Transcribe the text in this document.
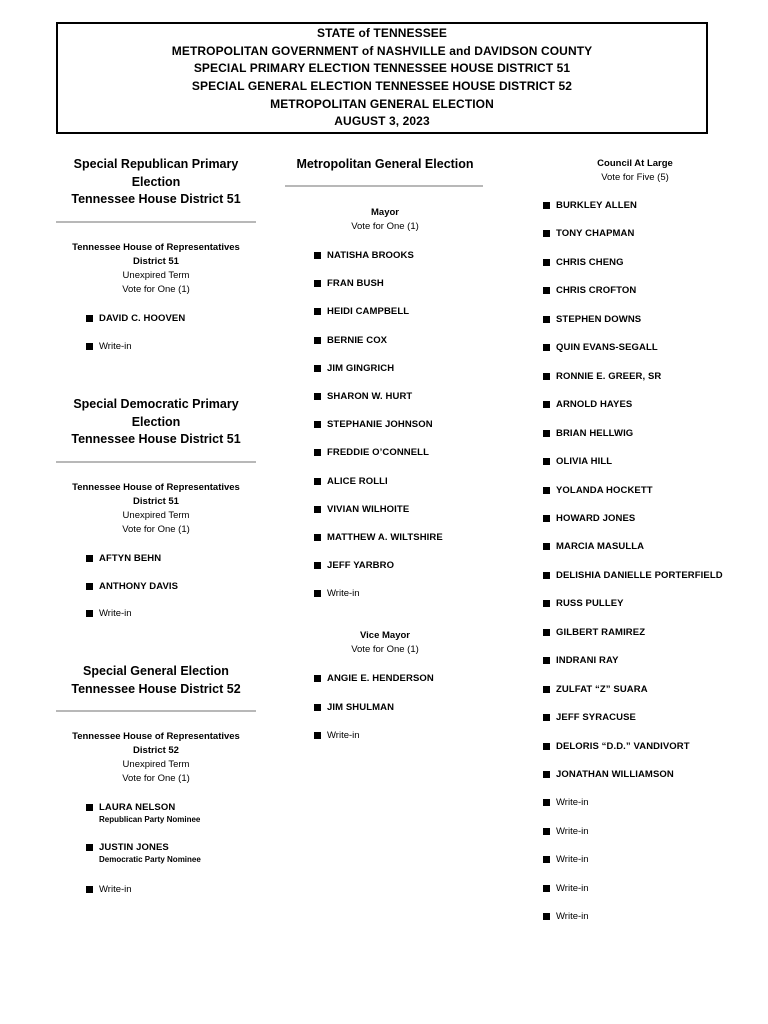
STATE of TENNESSEE
METROPOLITAN GOVERNMENT of NASHVILLE and DAVIDSON COUNTY
SPECIAL PRIMARY ELECTION TENNESSEE HOUSE DISTRICT 51
SPECIAL GENERAL ELECTION TENNESSEE HOUSE DISTRICT 52
METROPOLITAN GENERAL ELECTION
AUGUST 3, 2023
Special Republican Primary
Election
Tennessee House District 51
Tennessee House of Representatives
District 51
Unexpired Term
Vote for One (1)
DAVID C. HOOVEN
Write-in
Special Democratic Primary
Election
Tennessee House District 51
Tennessee House of Representatives
District 51
Unexpired Term
Vote for One (1)
AFTYN BEHN
ANTHONY DAVIS
Write-in
Special General Election
Tennessee House District 52
Tennessee House of Representatives
District 52
Unexpired Term
Vote for One (1)
LAURA NELSON
Republican Party Nominee
JUSTIN JONES
Democratic Party Nominee
Write-in
Metropolitan General Election
Mayor
Vote for One (1)
NATISHA BROOKS
FRAN BUSH
HEIDI CAMPBELL
BERNIE COX
JIM GINGRICH
SHARON W. HURT
STEPHANIE JOHNSON
FREDDIE O’CONNELL
ALICE ROLLI
VIVIAN WILHOITE
MATTHEW A. WILTSHIRE
JEFF YARBRO
Write-in
Vice Mayor
Vote for One (1)
ANGIE E. HENDERSON
JIM SHULMAN
Write-in
Council At Large
Vote for Five (5)
BURKLEY ALLEN
TONY CHAPMAN
CHRIS CHENG
CHRIS CROFTON
STEPHEN DOWNS
QUIN EVANS-SEGALL
RONNIE E. GREER, SR
ARNOLD HAYES
BRIAN HELLWIG
OLIVIA HILL
YOLANDA HOCKETT
HOWARD JONES
MARCIA MASULLA
DELISHIA DANIELLE PORTERFIELD
RUSS PULLEY
GILBERT RAMIREZ
INDRANI RAY
ZULFAT “Z” SUARA
JEFF SYRACUSE
DELORIS “D.D.” VANDIVORT
JONATHAN WILLIAMSON
Write-in
Write-in
Write-in
Write-in
Write-in
